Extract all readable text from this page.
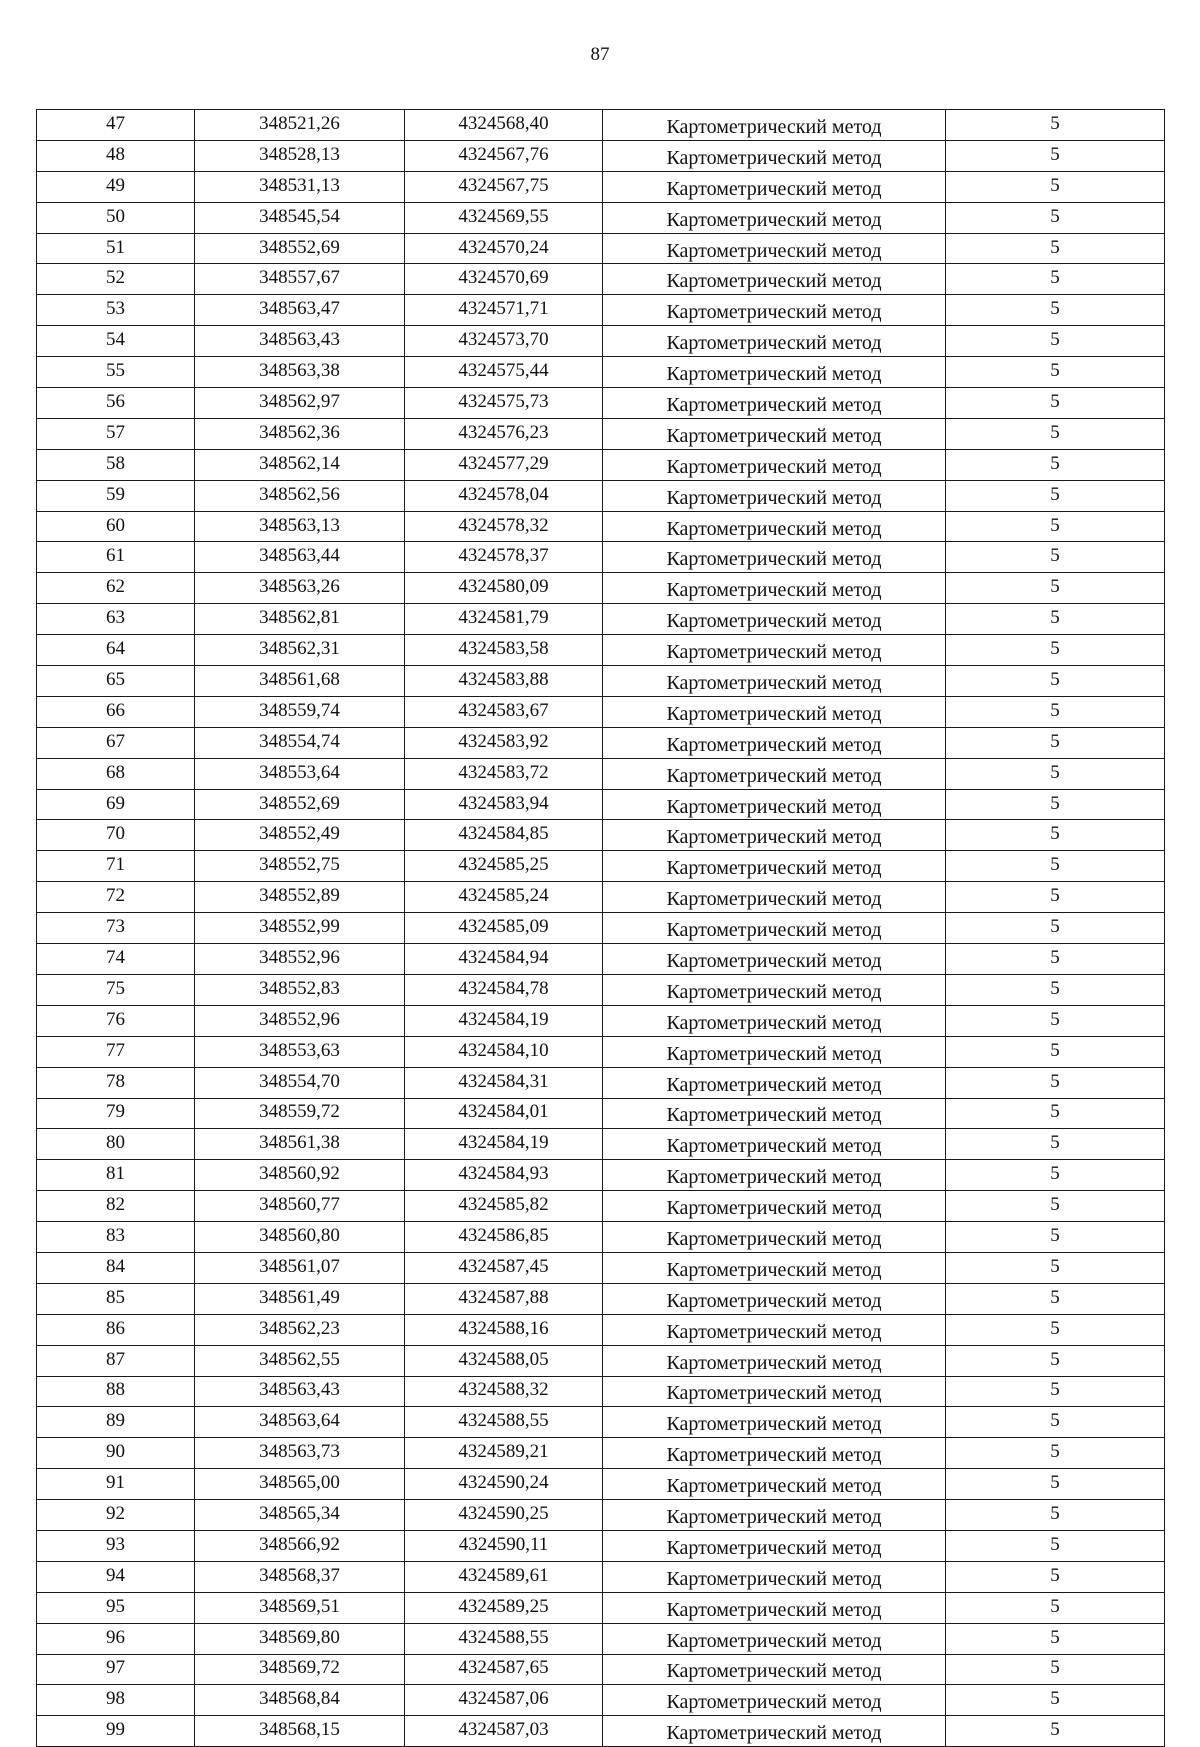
87
47	348521,26	4324568,40	Картометрический метод	5
48	348528,13	4324567,76	Картометрический метод	5
49	348531,13	4324567,75	Картометрический метод	5
50	348545,54	4324569,55	Картометрический метод	5
51	348552,69	4324570,24	Картометрический метод	5
52	348557,67	4324570,69	Картометрический метод	5
53	348563,47	4324571,71	Картометрический метод	5
54	348563,43	4324573,70	Картометрический метод	5
55	348563,38	4324575,44	Картометрический метод	5
56	348562,97	4324575,73	Картометрический метод	5
57	348562,36	4324576,23	Картометрический метод	5
58	348562,14	4324577,29	Картометрический метод	5
59	348562,56	4324578,04	Картометрический метод	5
60	348563,13	4324578,32	Картометрический метод	5
61	348563,44	4324578,37	Картометрический метод	5
62	348563,26	4324580,09	Картометрический метод	5
63	348562,81	4324581,79	Картометрический метод	5
64	348562,31	4324583,58	Картометрический метод	5
65	348561,68	4324583,88	Картометрический метод	5
66	348559,74	4324583,67	Картометрический метод	5
67	348554,74	4324583,92	Картометрический метод	5
68	348553,64	4324583,72	Картометрический метод	5
69	348552,69	4324583,94	Картометрический метод	5
70	348552,49	4324584,85	Картометрический метод	5
71	348552,75	4324585,25	Картометрический метод	5
72	348552,89	4324585,24	Картометрический метод	5
73	348552,99	4324585,09	Картометрический метод	5
74	348552,96	4324584,94	Картометрический метод	5
75	348552,83	4324584,78	Картометрический метод	5
76	348552,96	4324584,19	Картометрический метод	5
77	348553,63	4324584,10	Картометрический метод	5
78	348554,70	4324584,31	Картометрический метод	5
79	348559,72	4324584,01	Картометрический метод	5
80	348561,38	4324584,19	Картометрический метод	5
81	348560,92	4324584,93	Картометрический метод	5
82	348560,77	4324585,82	Картометрический метод	5
83	348560,80	4324586,85	Картометрический метод	5
84	348561,07	4324587,45	Картометрический метод	5
85	348561,49	4324587,88	Картометрический метод	5
86	348562,23	4324588,16	Картометрический метод	5
87	348562,55	4324588,05	Картометрический метод	5
88	348563,43	4324588,32	Картометрический метод	5
89	348563,64	4324588,55	Картометрический метод	5
90	348563,73	4324589,21	Картометрический метод	5
91	348565,00	4324590,24	Картометрический метод	5
92	348565,34	4324590,25	Картометрический метод	5
93	348566,92	4324590,11	Картометрический метод	5
94	348568,37	4324589,61	Картометрический метод	5
95	348569,51	4324589,25	Картометрический метод	5
96	348569,80	4324588,55	Картометрический метод	5
97	348569,72	4324587,65	Картометрический метод	5
98	348568,84	4324587,06	Картометрический метод	5
99	348568,15	4324587,03	Картометрический метод	5
